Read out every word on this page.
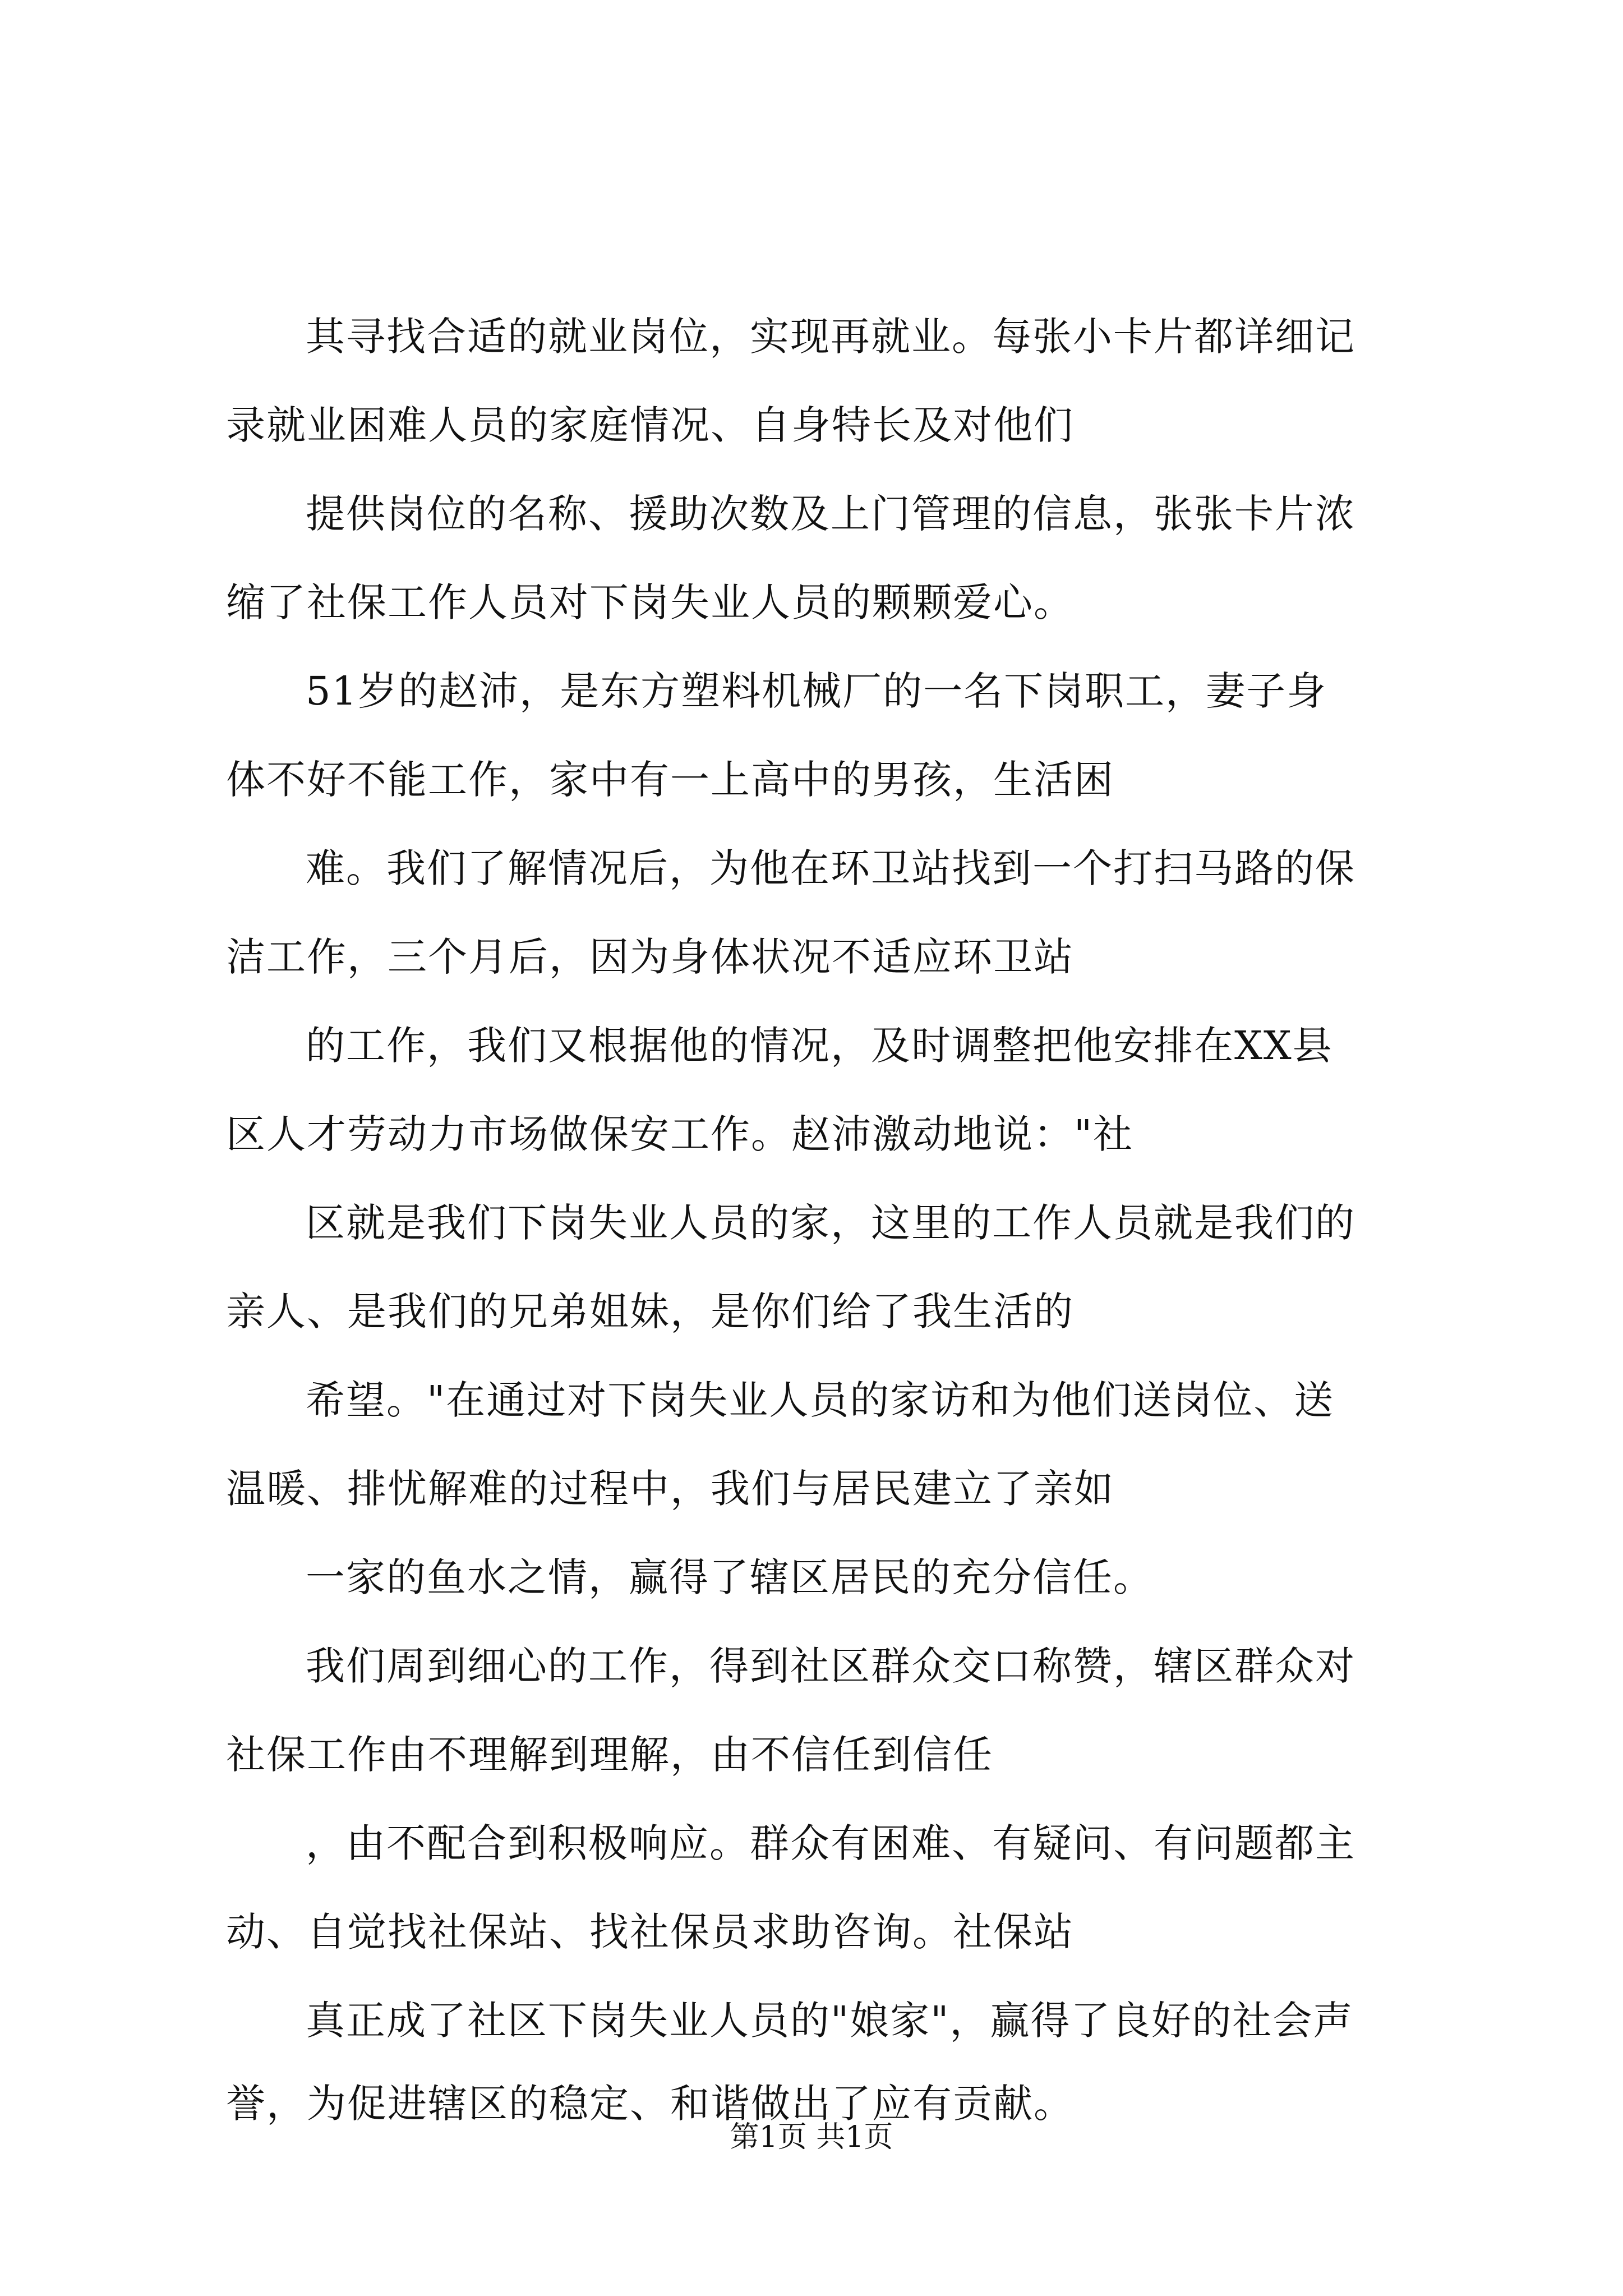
其寻找合适的就业岗位，实现再就业。每张小卡片都详细记
录就业困难人员的家庭情况、自身特长及对他们
提供岗位的名称、援助次数及上门管理的信息，张张卡片浓
缩了社保工作人员对下岗失业人员的颗颗爱心。
51岁的赵沛，是东方塑料机械厂的一名下岗职工，妻子身
体不好不能工作，家中有一上高中的男孩，生活困
难。我们了解情况后，为他在环卫站找到一个打扫马路的保
洁工作，三个月后，因为身体状况不适应环卫站
的工作，我们又根据他的情况，及时调整把他安排在XX县
区人才劳动力市场做保安工作。赵沛激动地说："社
区就是我们下岗失业人员的家，这里的工作人员就是我们的
亲人、是我们的兄弟姐妹，是你们给了我生活的
希望。"在通过对下岗失业人员的家访和为他们送岗位、送
温暖、排忧解难的过程中，我们与居民建立了亲如
一家的鱼水之情，赢得了辖区居民的充分信任。
我们周到细心的工作，得到社区群众交口称赞，辖区群众对
社保工作由不理解到理解，由不信任到信任
，由不配合到积极响应。群众有困难、有疑问、有问题都主
动、自觉找社保站、找社保员求助咨询。社保站
真正成了社区下岗失业人员的"娘家"，赢得了良好的社会声
誉，为促进辖区的稳定、和谐做出了应有贡献。
第1页 共1页
